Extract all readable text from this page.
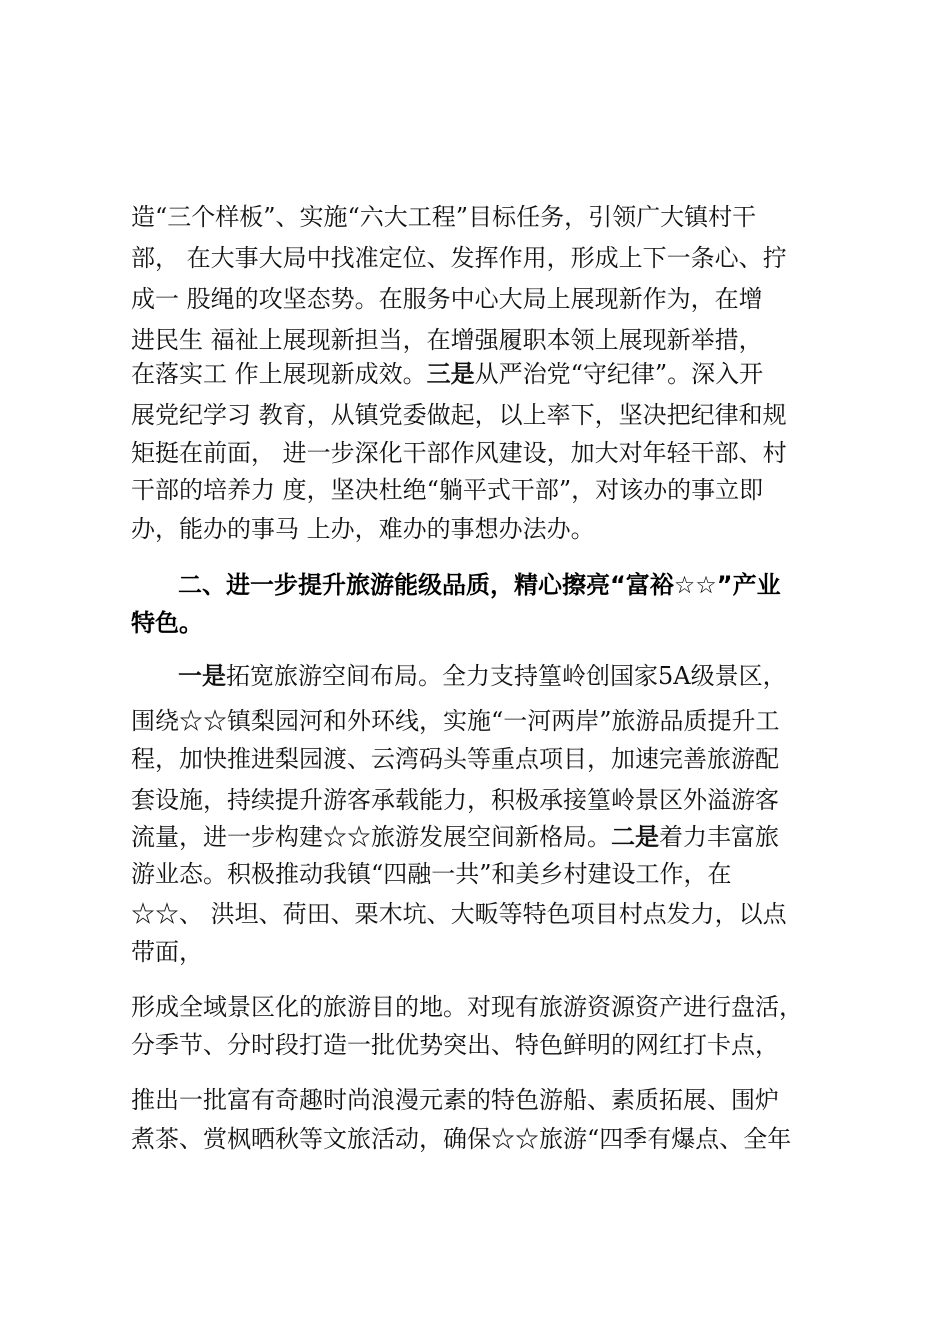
造“三个样板”、实施“六大工程”目标任务，引领广大镇村干
部， 在大事大局中找准定位、发挥作用，形成上下一条心、拧
成一 股绳的攻坚态势。在服务中心大局上展现新作为，在增
进民生 福祉上展现新担当，在增强履职本领上展现新举措，
在落实工 作上展现新成效。三是从严治党“守纪律”。深入开
展党纪学习 教育，从镇党委做起，以上率下，坚决把纪律和规
矩挺在前面， 进一步深化干部作风建设，加大对年轻干部、村
干部的培养力 度，坚决杜绝“躺平式干部”，对该办的事立即
办，能办的事马 上办，难办的事想办法办。
二、进一步提升旅游能级品质，精心擦亮“富裕☆☆”产业
特色。
一是拓宽旅游空间布局。全力支持篁岭创国家5A级景区，
围绕☆☆镇梨园河和外环线，实施“一河两岸”旅游品质提升工
程，加快推进梨园渡、云湾码头等重点项目，加速完善旅游配
套设施，持续提升游客承载能力，积极承接篁岭景区外溢游客
流量，进一步构建☆☆旅游发展空间新格局。二是着力丰富旅
游业态。积极推动我镇“四融一共”和美乡村建设工作，在
☆☆、 洪坦、荷田、栗木坑、大畈等特色项目村点发力，以点
带面，
形成全域景区化的旅游目的地。对现有旅游资源资产进行盘活，
分季节、分时段打造一批优势突出、特色鲜明的网红打卡点，
推出一批富有奇趣时尚浪漫元素的特色游船、素质拓展、围炉
煮茶、赏枫晒秋等文旅活动，确保☆☆旅游“四季有爆点、全年
